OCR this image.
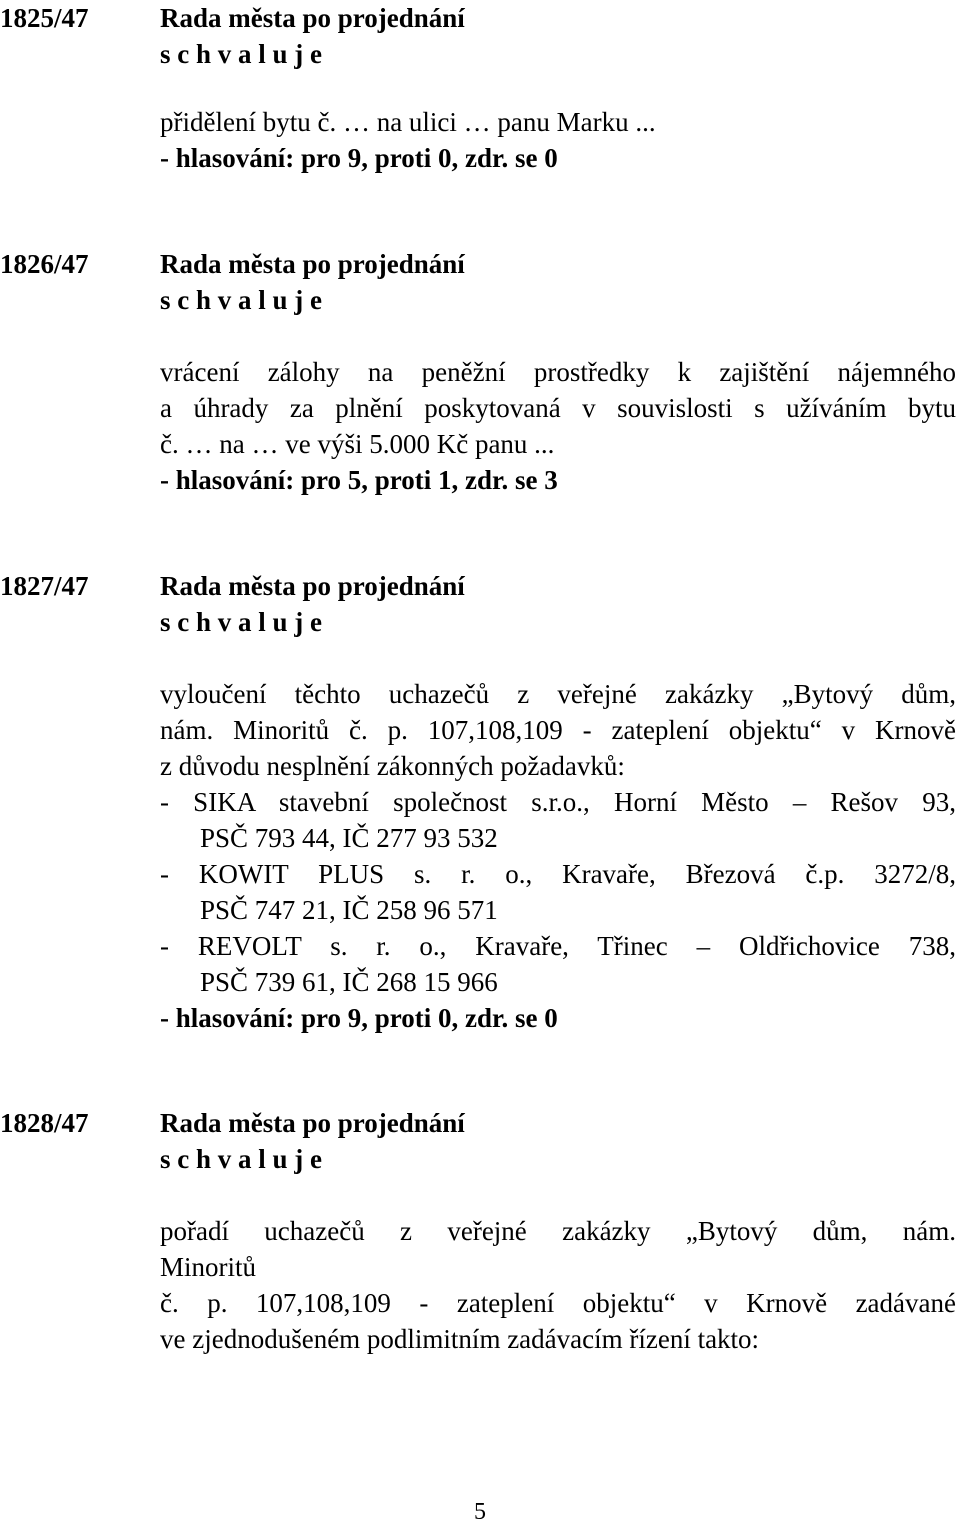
1825/47	Rada města po projednání
s c h v a l u j e
přidělení bytu č. … na ulici … panu Marku ...
- hlasování: pro 9, proti 0, zdr. se 0
1826/47	Rada města po projednání
s c h v a l u j e
vrácení zálohy na peněžní prostředky k zajištění nájemného
a úhrady za plnění poskytovaná v souvislosti s užíváním bytu
č. … na … ve výši 5.000 Kč panu ...
- hlasování: pro 5, proti 1, zdr. se 3
1827/47	Rada města po projednání
s c h v a l u j e
vyloučení těchto uchazečů z veřejné zakázky „Bytový dům,
nám. Minoritů č. p. 107,108,109 - zateplení objektu“ v Krnově
z důvodu nesplnění zákonných požadavků:
- SIKA stavební společnost s.r.o., Horní Město – Rešov 93,
PSČ 793 44, IČ 277 93 532
- KOWIT PLUS s. r. o., Kravaře, Březová č.p. 3272/8,
PSČ 747 21, IČ 258 96 571
- REVOLT s. r. o., Kravaře, Třinec – Oldřichovice 738,
PSČ 739 61, IČ 268 15 966
- hlasování: pro 9, proti 0, zdr. se 0
1828/47	Rada města po projednání
s c h v a l u j e
pořadí uchazečů z veřejné zakázky „Bytový dům, nám.
Minoritů
č. p. 107,108,109 - zateplení objektu“ v Krnově zadávané
ve zjednodušeném podlimitním zadávacím řízení takto:
5
